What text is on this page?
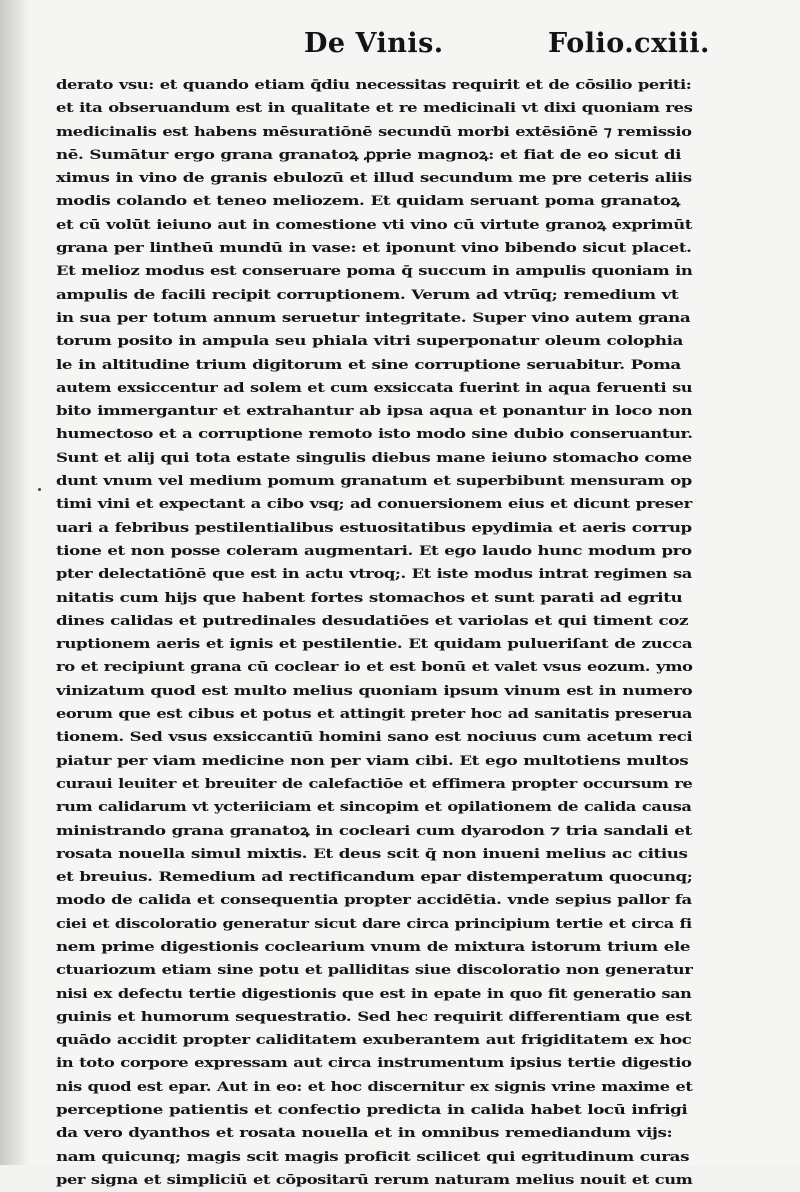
De Vinis.	Folio.cxiii.
derato vsu: et quando etiam q̄diu necessitas requirit et de cōsilio periti:
et ita obseruandum est in qualitate et re medicinali vt dixi quoniam res
medicinalis est habens mēsuratiōnē secundū morbi extēsiōnē ⁊ remissio
nē. Sumātur ergo grana granatoꝝ ꝓprie magnoꝝ: et fiat de eo sicut di
ximus in vino de granis ebulozū et illud secundum me pre ceteris aliis
modis colando et teneo meliozem. Et quidam seruant poma granatoꝝ
et cū volūt ieiuno aut in comestione vti vino cū virtute granoꝝ exprimūt
grana per lintheū mundū in vase: et iponunt vino bibendo sicut placet.
Et melioz modus est conseruare poma q̄ succum in ampulis quoniam in
ampulis de facili recipit corruptionem. Verum ad vtrūq; remedium vt
in sua per totum annum seruetur integritate. Super vino autem grana
torum posito in ampula seu phiala vitri superponatur oleum colophia
le in altitudine trium digitorum et sine corruptione seruabitur. Poma
autem exsiccentur ad solem et cum exsiccata fuerint in aqua feruenti su
bito immergantur et extrahantur ab ipsa aqua et ponantur in loco non
humectoso et a corruptione remoto isto modo sine dubio conseruantur.
Sunt et alij qui tota estate singulis diebus mane ieiuno stomacho come
dunt vnum vel medium pomum granatum et superbibunt mensuram op
timi vini et expectant a cibo vsq; ad conuersionem eius et dicunt preser
uari a febribus pestilentialibus estuositatibus epydimia et aeris corrup
tione et non posse coleram augmentari. Et ego laudo hunc modum pro
pter delectatiōnē que est in actu vtroq;. Et iste modus intrat regimen sa
nitatis cum hijs que habent fortes stomachos et sunt parati ad egritu
dines calidas et putredinales desudatiōes et variolas et qui timent coz
ruptionem aeris et ignis et pestilentie. Et quidam pulueriſant de zucca
ro et recipiunt grana cū coclear io et est bonū et valet vsus eozum. ymo
vinizatum quod est multo melius quoniam ipsum vinum est in numero
eorum que est cibus et potus et attingit preter hoc ad sanitatis preserua
tionem. Sed vsus exsiccantiū homini sano est nociuus cum acetum reci
piatur per viam medicine non per viam cibi. Et ego multotiens multos
curaui leuiter et breuiter de calefactiōe et effimera propter occursum re
rum calidarum vt ycteriiciam et sincopim et opilationem de calida causa
ministrando grana granatoꝝ in cocleari cum dyarodon ⁊ tria sandali et
rosata nouella simul mixtis. Et deus scit q̄ non inueni melius ac citius
et breuius. Remedium ad rectificandum epar distemperatum quocunq;
modo de calida et consequentia propter accidētia. vnde sepius pallor fa
ciei et discoloratio generatur sicut dare circa principium tertie et circa fi
nem prime digestionis coclearium vnum de mixtura istorum trium ele
ctuariozum etiam sine potu et palliditas siue discoloratio non generatur
nisi ex defectu tertie digestionis que est in epate in quo fit generatio san
guinis et humorum sequestratio. Sed hec requirit differentiam que est
quādo accidit propter caliditatem exuberantem aut frigiditatem ex hoc
in toto corpore expressam aut circa instrumentum ipsius tertie digestio
nis quod est epar. Aut in eo: et hoc discernitur ex signis vrine maxime et
perceptione patientis et confectio predicta in calida habet locū infrigi
da vero dyanthos et rosata nouella et in omnibus remediandum vijs:
nam quicunq; magis scit magis proficit scilicet qui egritudinum curas
per signa et simpliciū et cōpositarū rerum naturam melius nouit et cum
